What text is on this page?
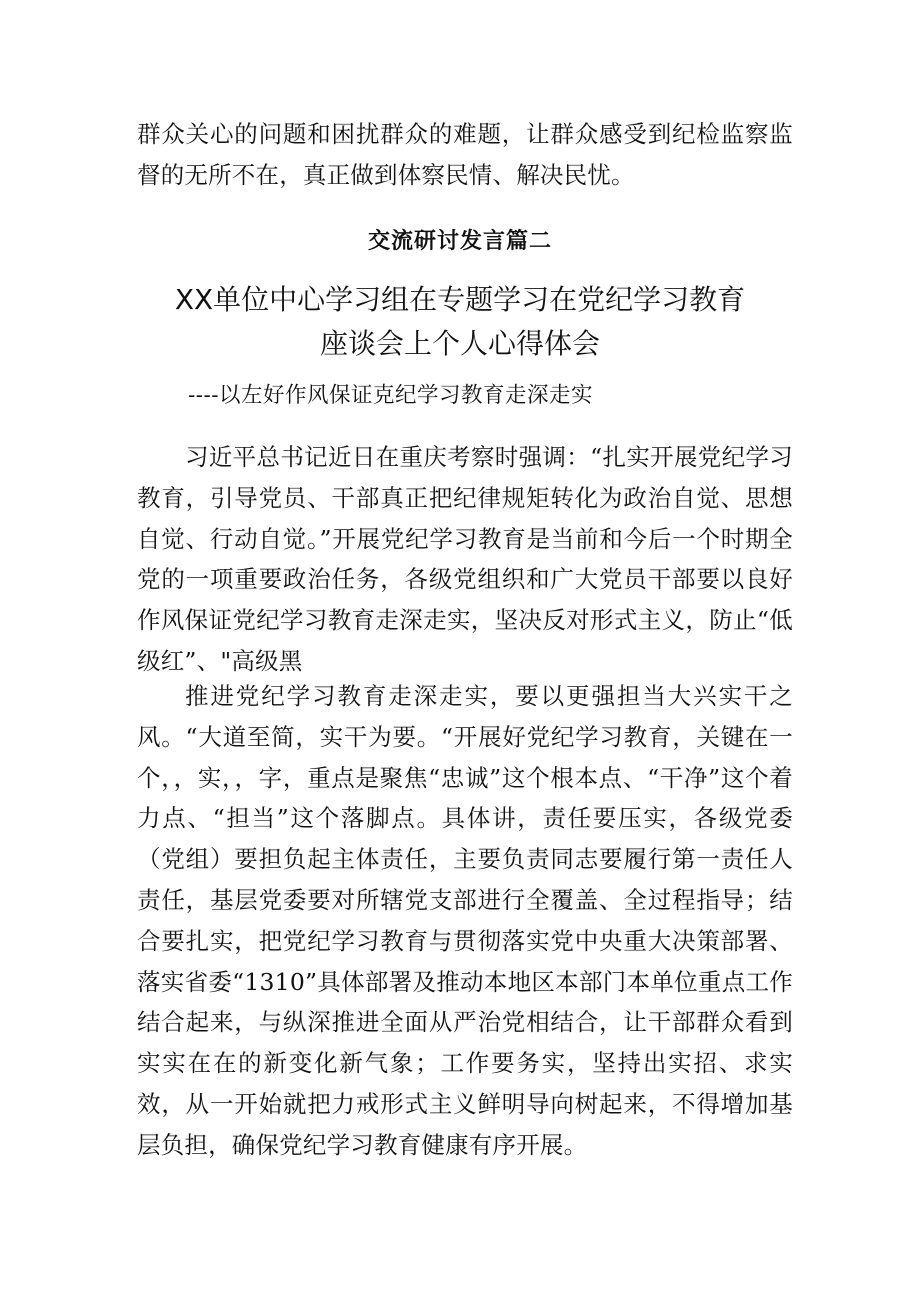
群众关心的问题和困扰群众的难题，让群众感受到纪检监察监督的无所不在，真正做到体察民情、解决民忧。

交流研讨发言篇二
XX单位中心学习组在专题学习在党纪学习教育
座谈会上个人心得体会
----以左好作风保证克纪学习教育走深走实

习近平总书记近日在重庆考察时强调：“扎实开展党纪学习教育，引导党员、干部真正把纪律规矩转化为政治自觉、思想自觉、行动自觉。”开展党纪学习教育是当前和今后一个时期全党的一项重要政治任务，各级党组织和广大党员干部要以良好作风保证党纪学习教育走深走实，坚决反对形式主义，防止“低级红”、"高级黑

推进党纪学习教育走深走实，要以更强担当大兴实干之风。“大道至简，实干为要。“开展好党纪学习教育，关键在一个，，实，，字，重点是聚焦“忠诚”这个根本点、“干净”这个着力点、“担当”这个落脚点。具体讲，责任要压实，各级党委（党组）要担负起主体责任，主要负责同志要履行第一责任人责任，基层党委要对所辖党支部进行全覆盖、全过程指导；结合要扎实，把党纪学习教育与贯彻落实党中央重大决策部署、落实省委“1310”具体部署及推动本地区本部门本单位重点工作结合起来，与纵深推进全面从严治党相结合，让干部群众看到实实在在的新变化新气象；工作要务实，坚持出实招、求实效，从一开始就把力戒形式主义鲜明导向树起来，不得增加基层负担，确保党纪学习教育健康有序开展。
